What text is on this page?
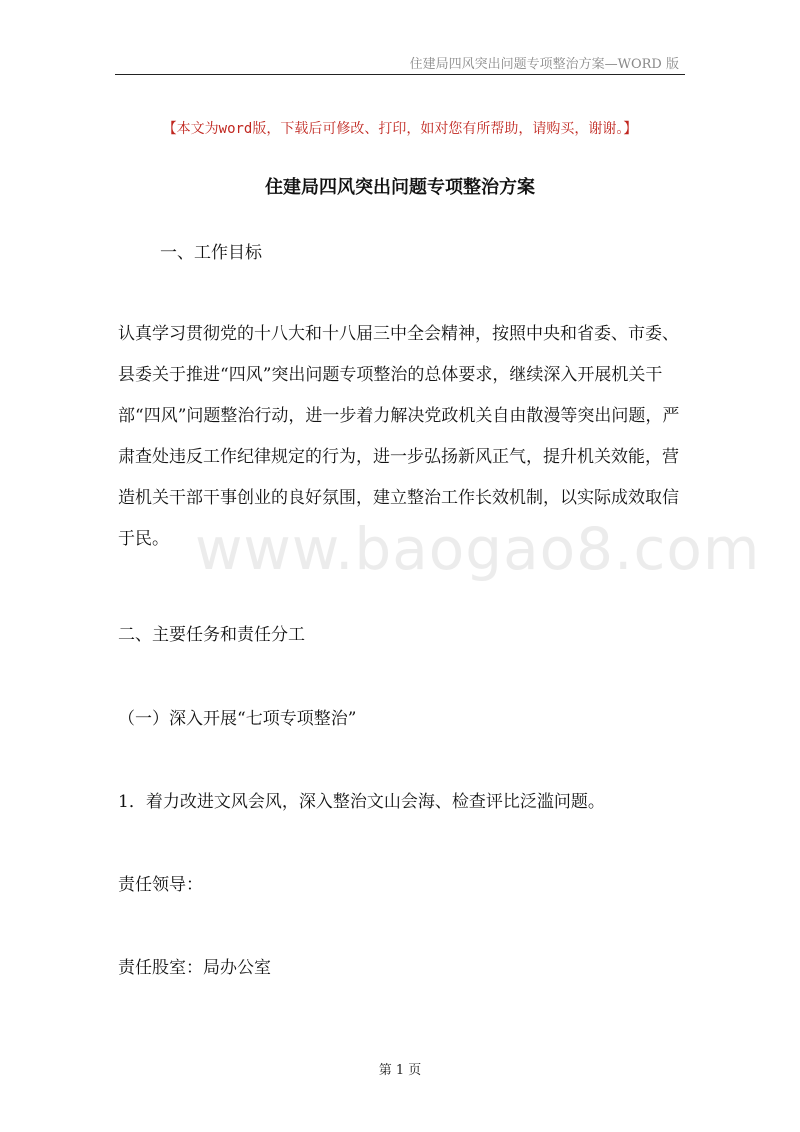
住建局四风突出问题专项整治方案—WORD 版
【本文为word版，下载后可修改、打印，如对您有所帮助，请购买，谢谢。】
住建局四风突出问题专项整治方案
一、工作目标

认真学习贯彻党的十八大和十八届三中全会精神，按照中央和省委、市委、县委关于推进“四风”突出问题专项整治的总体要求，继续深入开展机关干部“四风”问题整治行动，进一步着力解决党政机关自由散漫等突出问题，严肃查处违反工作纪律规定的行为，进一步弘扬新风正气，提升机关效能，营造机关干部干事创业的良好氛围，建立整治工作长效机制，以实际成效取信于民。 www.baogao8.com
二、主要任务和责任分工
（一）深入开展“七项专项整治”
1．着力改进文风会风，深入整治文山会海、检查评比泛滥问题。
责任领导：
责任股室：局办公室
第 1 页
